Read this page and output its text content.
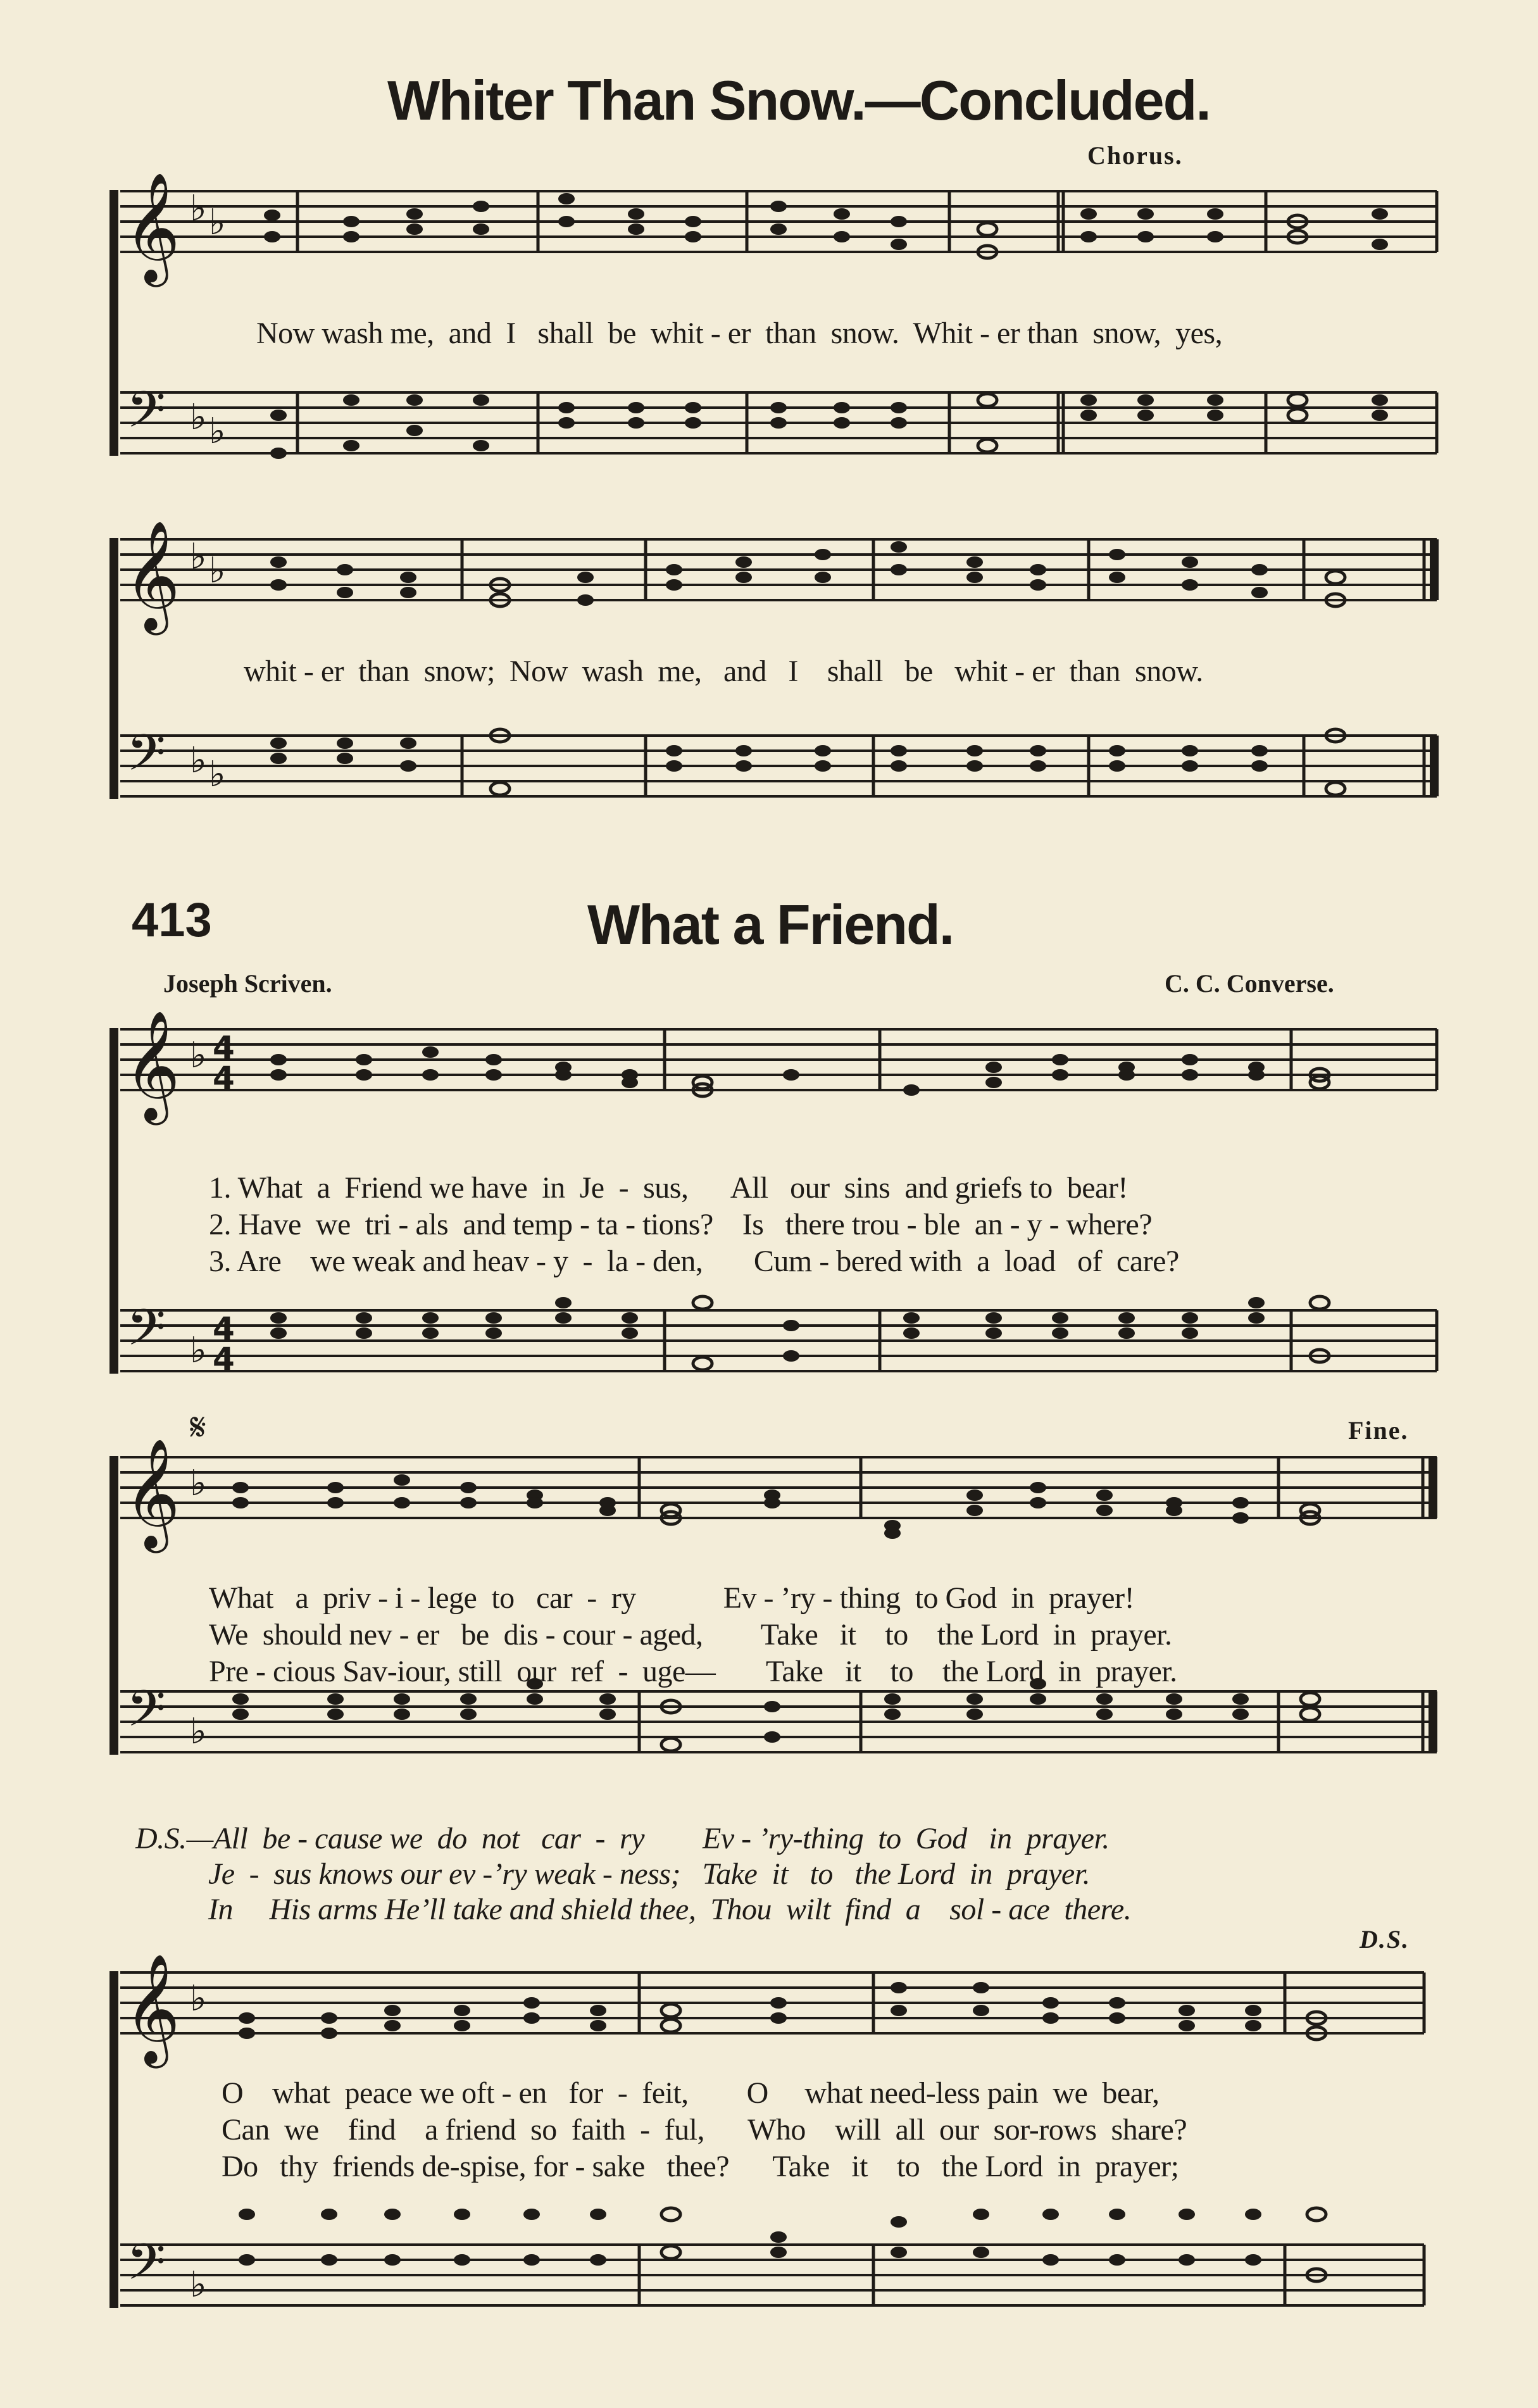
Whiter Than Snow.—Concluded.
Chorus.
𝄞
𝄢
♭ ♭
♭ ♭
Now wash me,  and  I   shall  be  whit - er  than  snow.  Whit - er than  snow,  yes,
𝄞
𝄢
♭ ♭
♭ ♭
whit - er  than  snow;  Now  wash  me,   and   I    shall   be   whit - er  than  snow.
413	What a Friend.
Joseph Scriven.	C. C. Converse.
𝄞
𝄢
♭
♭
4
4
4
4
1. What  a  Friend we have  in  Je  -  sus,      All   our  sins  and griefs to  bear!
2. Have  we  tri - als  and temp - ta - tions?    Is   there trou - ble  an - y - where?
3. Are    we weak and heav - y  -  la - den,       Cum - bered with  a  load   of  care?
𝄋	Fine.
𝄞
𝄢
♭
♭
What   a  priv - i - lege  to   car  -  ry            Ev - ’ry - thing  to God  in  prayer!
We  should nev - er   be  dis - cour - aged,        Take   it    to    the Lord  in  prayer.
Pre - cious Sav-iour, still  our  ref  -  uge—       Take   it    to    the Lord  in  prayer.
D.S.—All  be - cause we  do  not   car  -  ry        Ev - ’ry-thing  to  God   in  prayer.
Je  -  sus knows our ev -’ry weak - ness;   Take  it   to   the Lord  in  prayer.
In     His arms He’ll take and shield thee,  Thou  wilt  find  a    sol - ace  there.
D.S.
𝄞
𝄢
♭
♭
O    what  peace we oft - en   for  -  feit,        O     what need-less pain  we  bear,
Can  we    find    a friend  so  faith  -  ful,      Who    will  all  our  sor-rows  share?
Do   thy  friends de-spise, for - sake   thee?      Take   it    to   the Lord  in  prayer;
